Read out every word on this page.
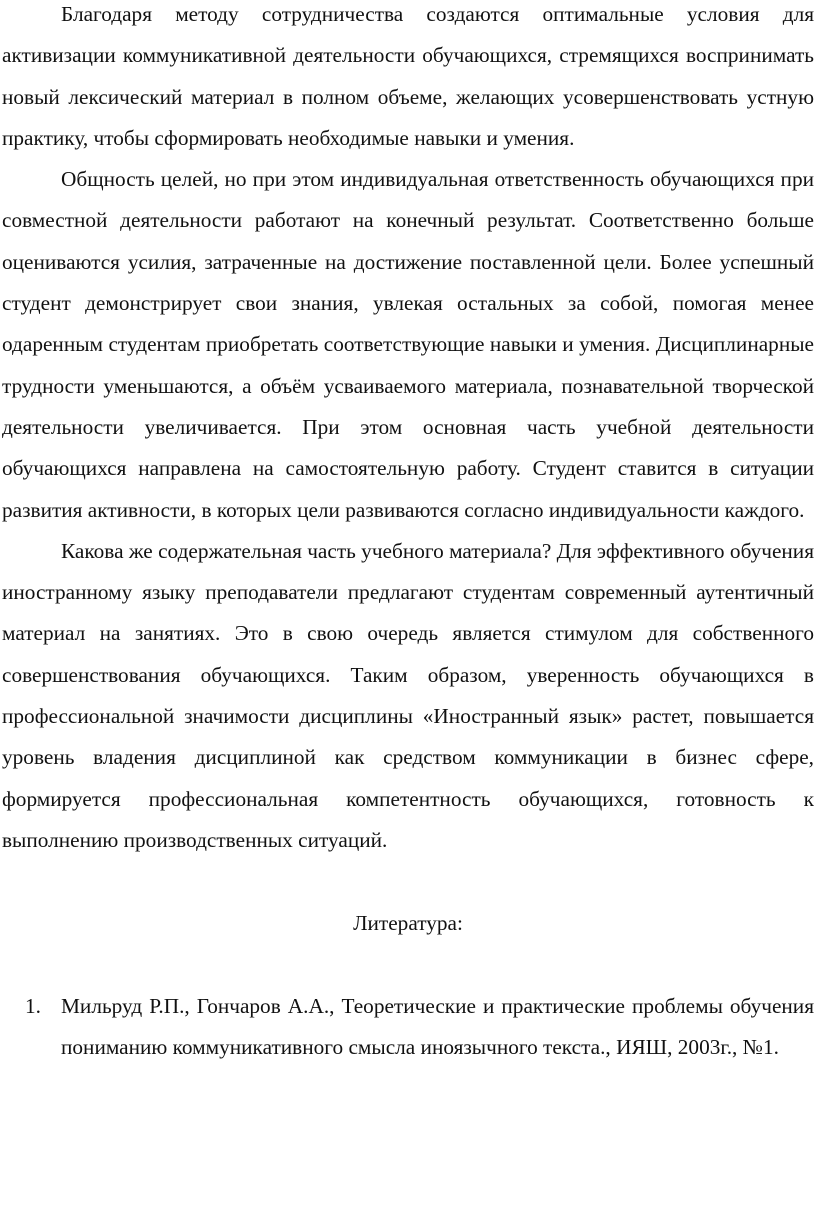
Благодаря методу сотрудничества создаются оптимальные условия для активизации коммуникативной деятельности обучающихся, стремящихся воспринимать новый лексический материал в полном объеме, желающих усовершенствовать устную практику, чтобы сформировать необходимые навыки и умения.

Общность целей, но при этом индивидуальная ответственность обучающихся при совместной деятельности работают на конечный результат. Соответственно больше оцениваются усилия, затраченные на достижение поставленной цели. Более успешный студент демонстрирует свои знания, увлекая остальных за собой, помогая менее одаренным студентам приобретать соответствующие навыки и умения. Дисциплинарные трудности уменьшаются, а объём усваиваемого материала, познавательной творческой деятельности увеличивается. При этом основная часть учебной деятельности обучающихся направлена на самостоятельную работу. Студент ставится в ситуации развития активности, в которых цели развиваются согласно индивидуальности каждого.

Какова же содержательная часть учебного материала? Для эффективного обучения иностранному языку преподаватели предлагают студентам современный аутентичный материал на занятиях. Это в свою очередь является стимулом для собственного совершенствования обучающихся. Таким образом, уверенность обучающихся в профессиональной значимости дисциплины «Иностранный язык» растет, повышается уровень владения дисциплиной как средством коммуникации в бизнес сфере, формируется профессиональная компетентность обучающихся, готовность к выполнению производственных ситуаций.

Литература:

1. Мильруд Р.П., Гончаров А.А., Теоретические и практические проблемы обучения пониманию коммуникативного смысла иноязычного текста., ИЯШ, 2003г., №1.
